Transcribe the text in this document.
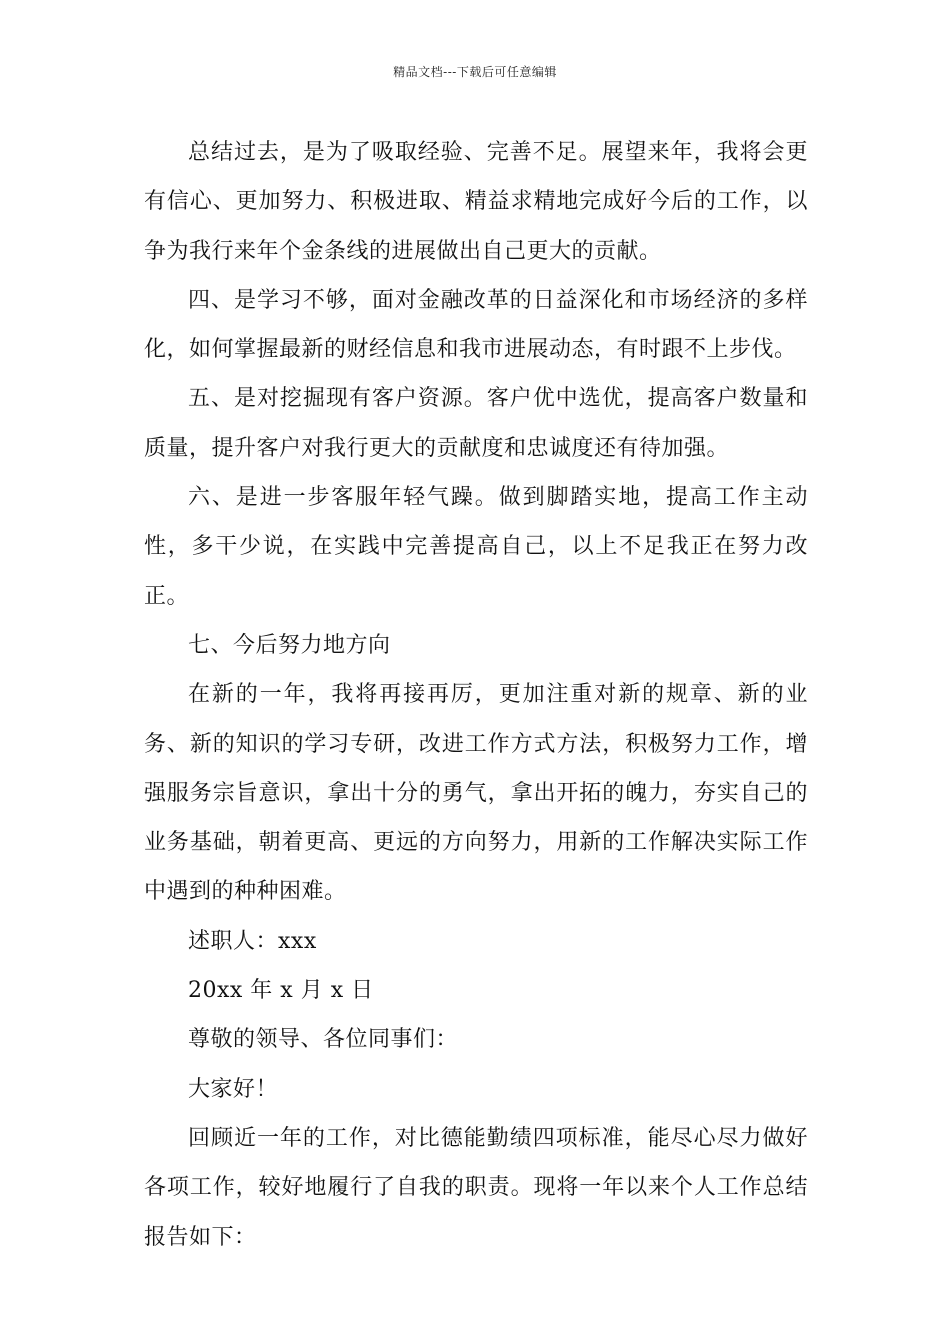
精品文档---下载后可任意编辑

总结过去，是为了吸取经验、完善不足。展望来年，我将会更有信心、更加努力、积极进取、精益求精地完成好今后的工作，以争为我行来年个金条线的进展做出自己更大的贡献。

四、是学习不够，面对金融改革的日益深化和市场经济的多样化，如何掌握最新的财经信息和我市进展动态，有时跟不上步伐。

五、是对挖掘现有客户资源。客户优中选优，提高客户数量和质量，提升客户对我行更大的贡献度和忠诚度还有待加强。

六、是进一步客服年轻气躁。做到脚踏实地，提高工作主动性，多干少说，在实践中完善提高自己，以上不足我正在努力改正。

七、今后努力地方向

在新的一年，我将再接再厉，更加注重对新的规章、新的业务、新的知识的学习专研，改进工作方式方法，积极努力工作，增强服务宗旨意识，拿出十分的勇气，拿出开拓的魄力，夯实自己的业务基础，朝着更高、更远的方向努力，用新的工作解决实际工作中遇到的种种困难。

述职人：xxx

20xx 年 x 月 x 日

尊敬的领导、各位同事们：

大家好！

回顾近一年的工作，对比德能勤绩四项标准，能尽心尽力做好各项工作，较好地履行了自我的职责。现将一年以来个人工作总结报告如下：
